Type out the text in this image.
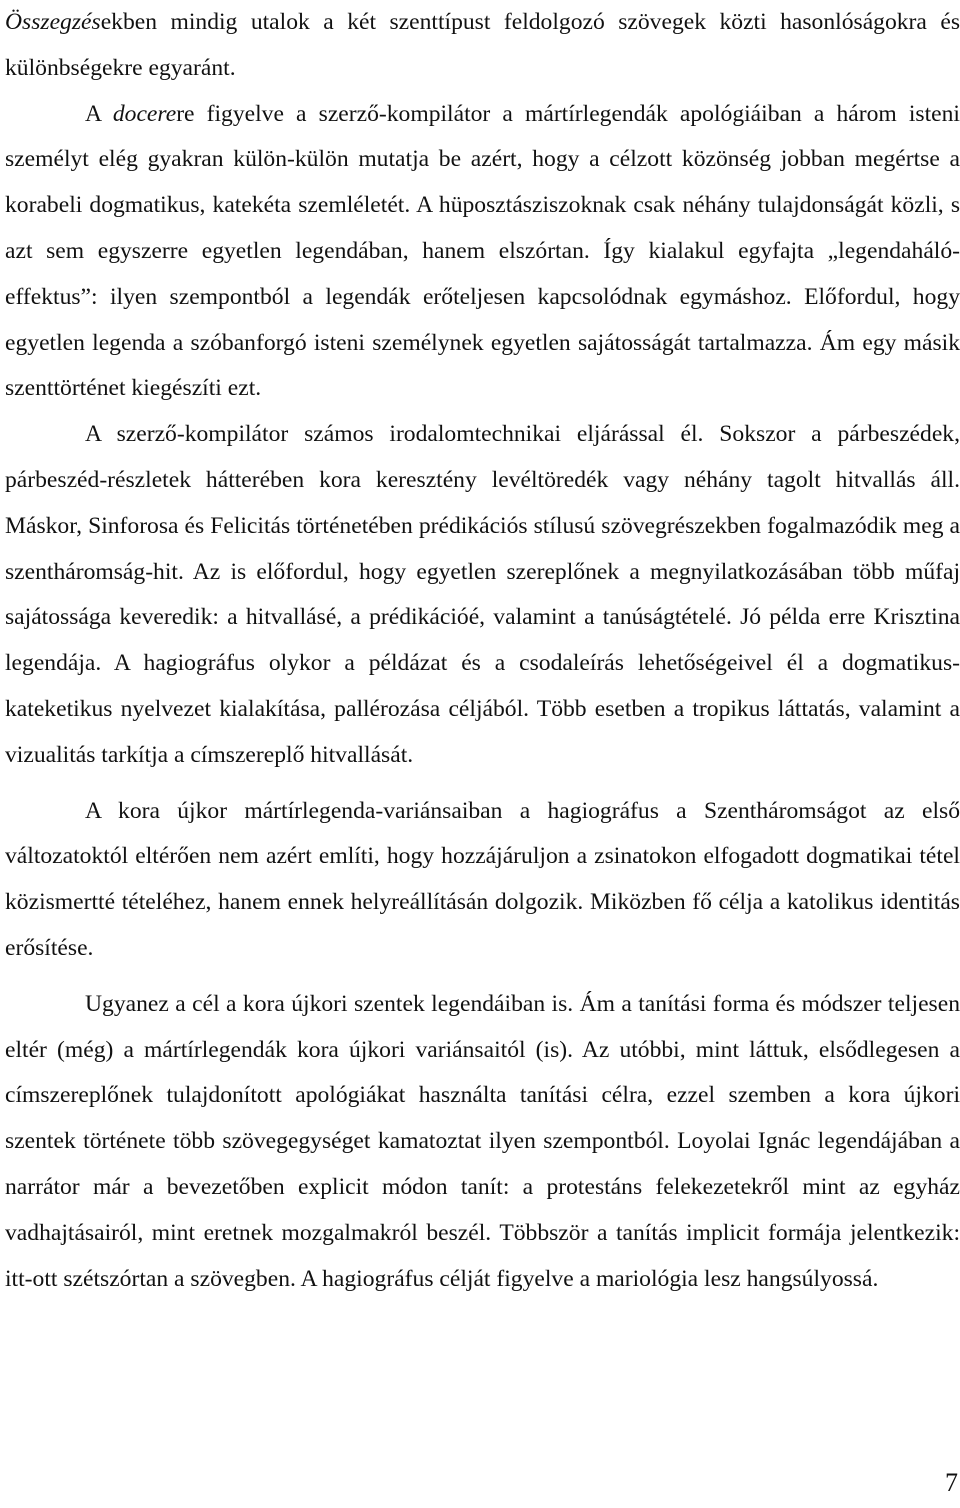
Összegzésekben mindig utalok a két szenttípust feldolgozó szövegek közti hasonlóságokra és különbségekre egyaránt.

A docerere figyelve a szerző-kompilátor a mártírlegendák apológiáiban a három isteni személyt elég gyakran külön-külön mutatja be azért, hogy a célzott közönség jobban megértse a korabeli dogmatikus, katekéta szemléletét. A hüposztásziszoknak csak néhány tulajdonságát közli, s azt sem egyszerre egyetlen legendában, hanem elszórtan. Így kialakul egyfajta „legendaháló-effektus”: ilyen szempontból a legendák erőteljesen kapcsolódnak egymáshoz. Előfordul, hogy egyetlen legenda a szóbanforgó isteni személynek egyetlen sajátosságát tartalmazza. Ám egy másik szenttörténet kiegészíti ezt.

A szerző-kompilátor számos irodalomtechnikai eljárással él. Sokszor a párbeszédek, párbeszéd-részletek hátterében kora keresztény levéltöredék vagy néhány tagolt hitvallás áll. Máskor, Sinforosa és Felicitás történetében prédikációs stílusú szövegrészekben fogalmazódik meg a szentháromság-hit. Az is előfordul, hogy egyetlen szereplőnek a megnyilatkozásában több műfaj sajátossága keveredik: a hitvallásé, a prédikációé, valamint a tanúságtételé. Jó példa erre Krisztina legendája. A hagiográfus olykor a példázat és a csodaleírás lehetőségeivel él a dogmatikus-kateketikus nyelvezet kialakítása, pallérozása céljából. Több esetben a tropikus láttatás, valamint a vizualitás tarkítja a címszereplő hitvallását.

A kora újkor mártírlegenda-variánsaiban a hagiográfus a Szentháromságot az első változatoktól eltérően nem azért említi, hogy hozzájáruljon a zsinatokon elfogadott dogmatikai tétel közismertté tételéhez, hanem ennek helyreállításán dolgozik. Miközben fő célja a katolikus identitás erősítése.

Ugyanez a cél a kora újkori szentek legendáiban is. Ám a tanítási forma és módszer teljesen eltér (még) a mártírlegendák kora újkori variánsaitól (is). Az utóbbi, mint láttuk, elsődlegesen a címszereplőnek tulajdonított apológiákat használta tanítási célra, ezzel szemben a kora újkori szentek története több szövegegységet kamatoztat ilyen szempontból. Loyolai Ignác legendájában a narrátor már a bevezetőben explicit módon tanít: a protestáns felekezetekről mint az egyház vadhajtásairól, mint eretnek mozgalmakról beszél. Többször a tanítás implicit formája jelentkezik: itt-ott szétszórtan a szövegben. A hagiográfus célját figyelve a mariológia lesz hangsúlyossá.

7
